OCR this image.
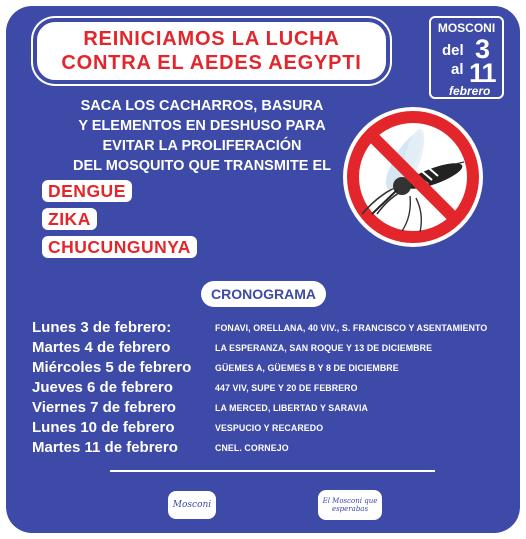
REINICIAMOS LA LUCHA
CONTRA EL AEDES AEGYPTI
MOSCONI
del 3
al 11
febrero
SACA LOS CACHARROS, BASURA
Y ELEMENTOS EN DESHUSO PARA
EVITAR LA PROLIFERACIÓN
DEL MOSQUITO QUE TRANSMITE EL
DENGUE
ZIKA
CHUCUNGUNYA
CRONOGRAMA
Lunes 3 de febrero:	FONAVI, ORELLANA, 40 VIV., S. FRANCISCO Y ASENTAMIENTO
Martes 4 de febrero	LA ESPERANZA, SAN ROQUE Y 13 DE DICIEMBRE
Miércoles 5 de febrero	GÜEMES A, GÜEMES B Y 8 DE DICIEMBRE
Jueves 6 de febrero	447 VIV, SUPE Y 20 DE FEBRERO
Viernes 7 de febrero	LA MERCED, LIBERTAD Y SARAVIA
Lunes 10 de febrero	VESPUCIO Y RECAREDO
Martes 11 de febrero	CNEL. CORNEJO
Mosconi	El Mosconi que esperabas
